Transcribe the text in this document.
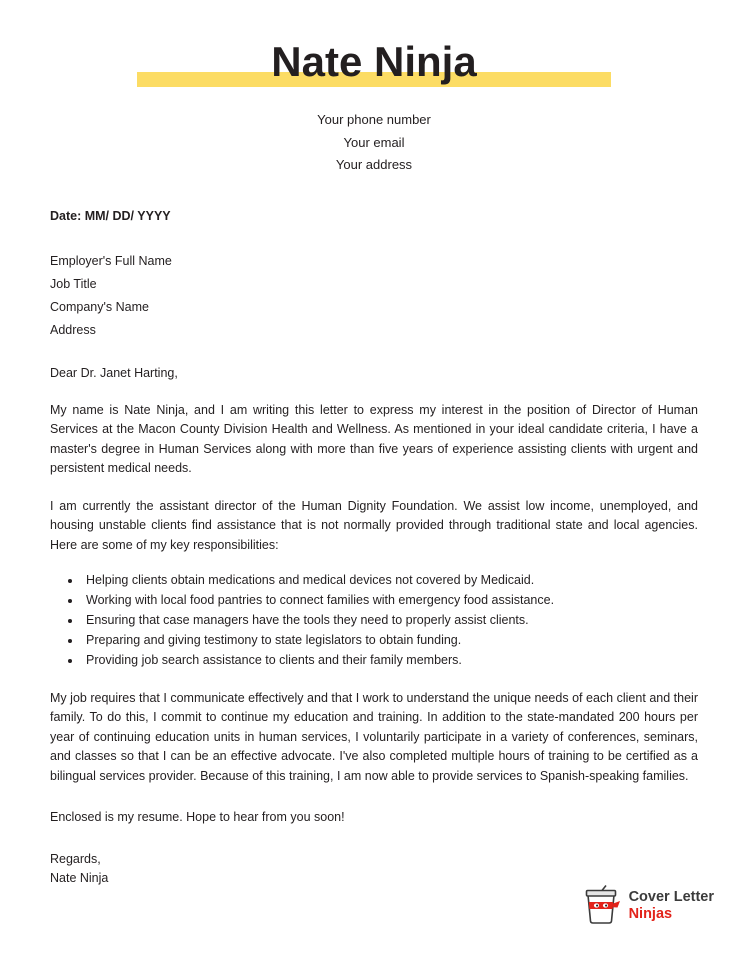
Nate Ninja
Your phone number
Your email
Your address
Date: MM/ DD/ YYYY
Employer's Full Name
Job Title
Company's Name
Address
Dear Dr. Janet Harting,

My name is Nate Ninja, and I am writing this letter to express my interest in the position of Director of Human Services at the Macon County Division Health and Wellness. As mentioned in your ideal candidate criteria, I have a master's degree in Human Services along with more than five years of experience assisting clients with urgent and persistent medical needs.

I am currently the assistant director of the Human Dignity Foundation. We assist low income, unemployed, and housing unstable clients find assistance that is not normally provided through traditional state and local agencies. Here are some of my key responsibilities:

• Helping clients obtain medications and medical devices not covered by Medicaid.
• Working with local food pantries to connect families with emergency food assistance.
• Ensuring that case managers have the tools they need to properly assist clients.
• Preparing and giving testimony to state legislators to obtain funding.
• Providing job search assistance to clients and their family members.

My job requires that I communicate effectively and that I work to understand the unique needs of each client and their family. To do this, I commit to continue my education and training. In addition to the state-mandated 200 hours per year of continuing education units in human services, I voluntarily participate in a variety of conferences, seminars, and classes so that I can be an effective advocate. I've also completed multiple hours of training to be certified as a bilingual services provider. Because of this training, I am now able to provide services to Spanish-speaking families.

Enclosed is my resume. Hope to hear from you soon!
Regards,
Nate Ninja
Cover Letter
Ninjas
